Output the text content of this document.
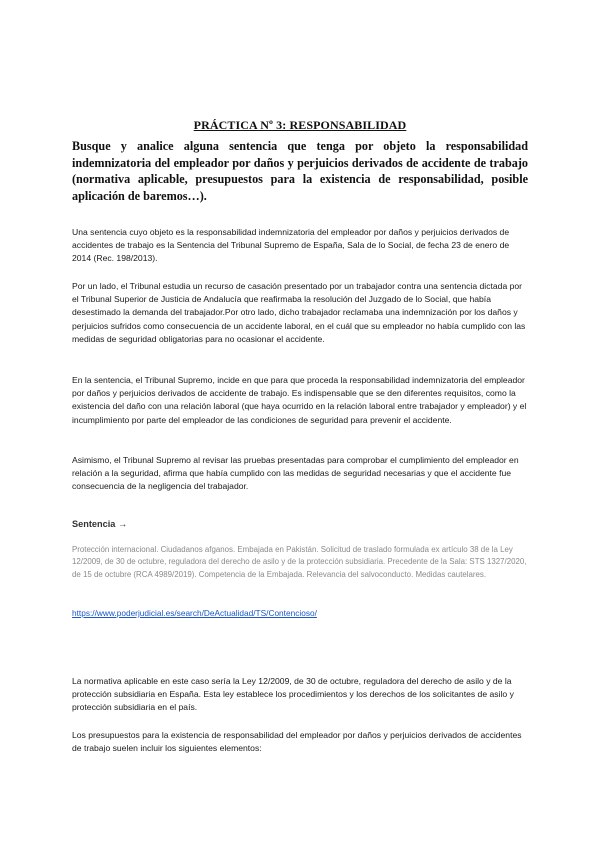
PRÁCTICA Nº 3: RESPONSABILIDAD

Busque y analice alguna sentencia que tenga por objeto la responsabilidad indemnizatoria del empleador por daños y perjuicios derivados de accidente de trabajo (normativa aplicable, presupuestos para la existencia de responsabilidad, posible aplicación de baremos…).

Una sentencia cuyo objeto es la responsabilidad indemnizatoria del empleador por daños y perjuicios derivados de accidentes de trabajo es la Sentencia del Tribunal Supremo de España, Sala de lo Social, de fecha 23 de enero de 2014 (Rec. 198/2013).

Por un lado, el Tribunal estudia un recurso de casación presentado por un trabajador contra una sentencia dictada por el Tribunal Superior de Justicia de Andalucía que reafirmaba la resolución del Juzgado de lo Social, que había desestimado la demanda del trabajador.Por otro lado, dicho trabajador reclamaba una indemnización por los daños y perjuicios sufridos como consecuencia de un accidente laboral, en el cuál que su empleador no había cumplido con las medidas de seguridad obligatorias para no ocasionar el accidente.

En la sentencia, el Tribunal Supremo, incide en que para que proceda la responsabilidad indemnizatoria del empleador por daños y perjuicios derivados de accidente de trabajo. Es indispensable que se den diferentes requisitos, como la existencia del daño con una relación laboral (que haya ocurrido en la relación laboral entre trabajador y empleador) y el incumplimiento por parte del empleador de las condiciones de seguridad para prevenir el accidente.

Asimismo, el Tribunal Supremo al revisar las pruebas presentadas para comprobar el cumplimiento del empleador en relación a la seguridad, afirma que había cumplido con las medidas de seguridad necesarias y que el accidente fue consecuencia de la negligencia del trabajador.

Sentencia →

Protección internacional. Ciudadanos afganos. Embajada en Pakistán. Solicitud de traslado formulada ex artículo 38 de la Ley 12/2009, de 30 de octubre, reguladora del derecho de asilo y de la protección subsidiaria. Precedente de la Sala: STS 1327/2020, de 15 de octubre (RCA 4989/2019). Competencia de la Embajada. Relevancia del salvoconducto. Medidas cautelares.

https://www.poderjudicial.es/search/DeActualidad/TS/Contencioso/

La normativa aplicable en este caso sería la Ley 12/2009, de 30 de octubre, reguladora del derecho de asilo y de la protección subsidiaria en España. Esta ley establece los procedimientos y los derechos de los solicitantes de asilo y protección subsidiaria en el país.

Los presupuestos para la existencia de responsabilidad del empleador por daños y perjuicios derivados de accidentes de trabajo suelen incluir los siguientes elementos:
